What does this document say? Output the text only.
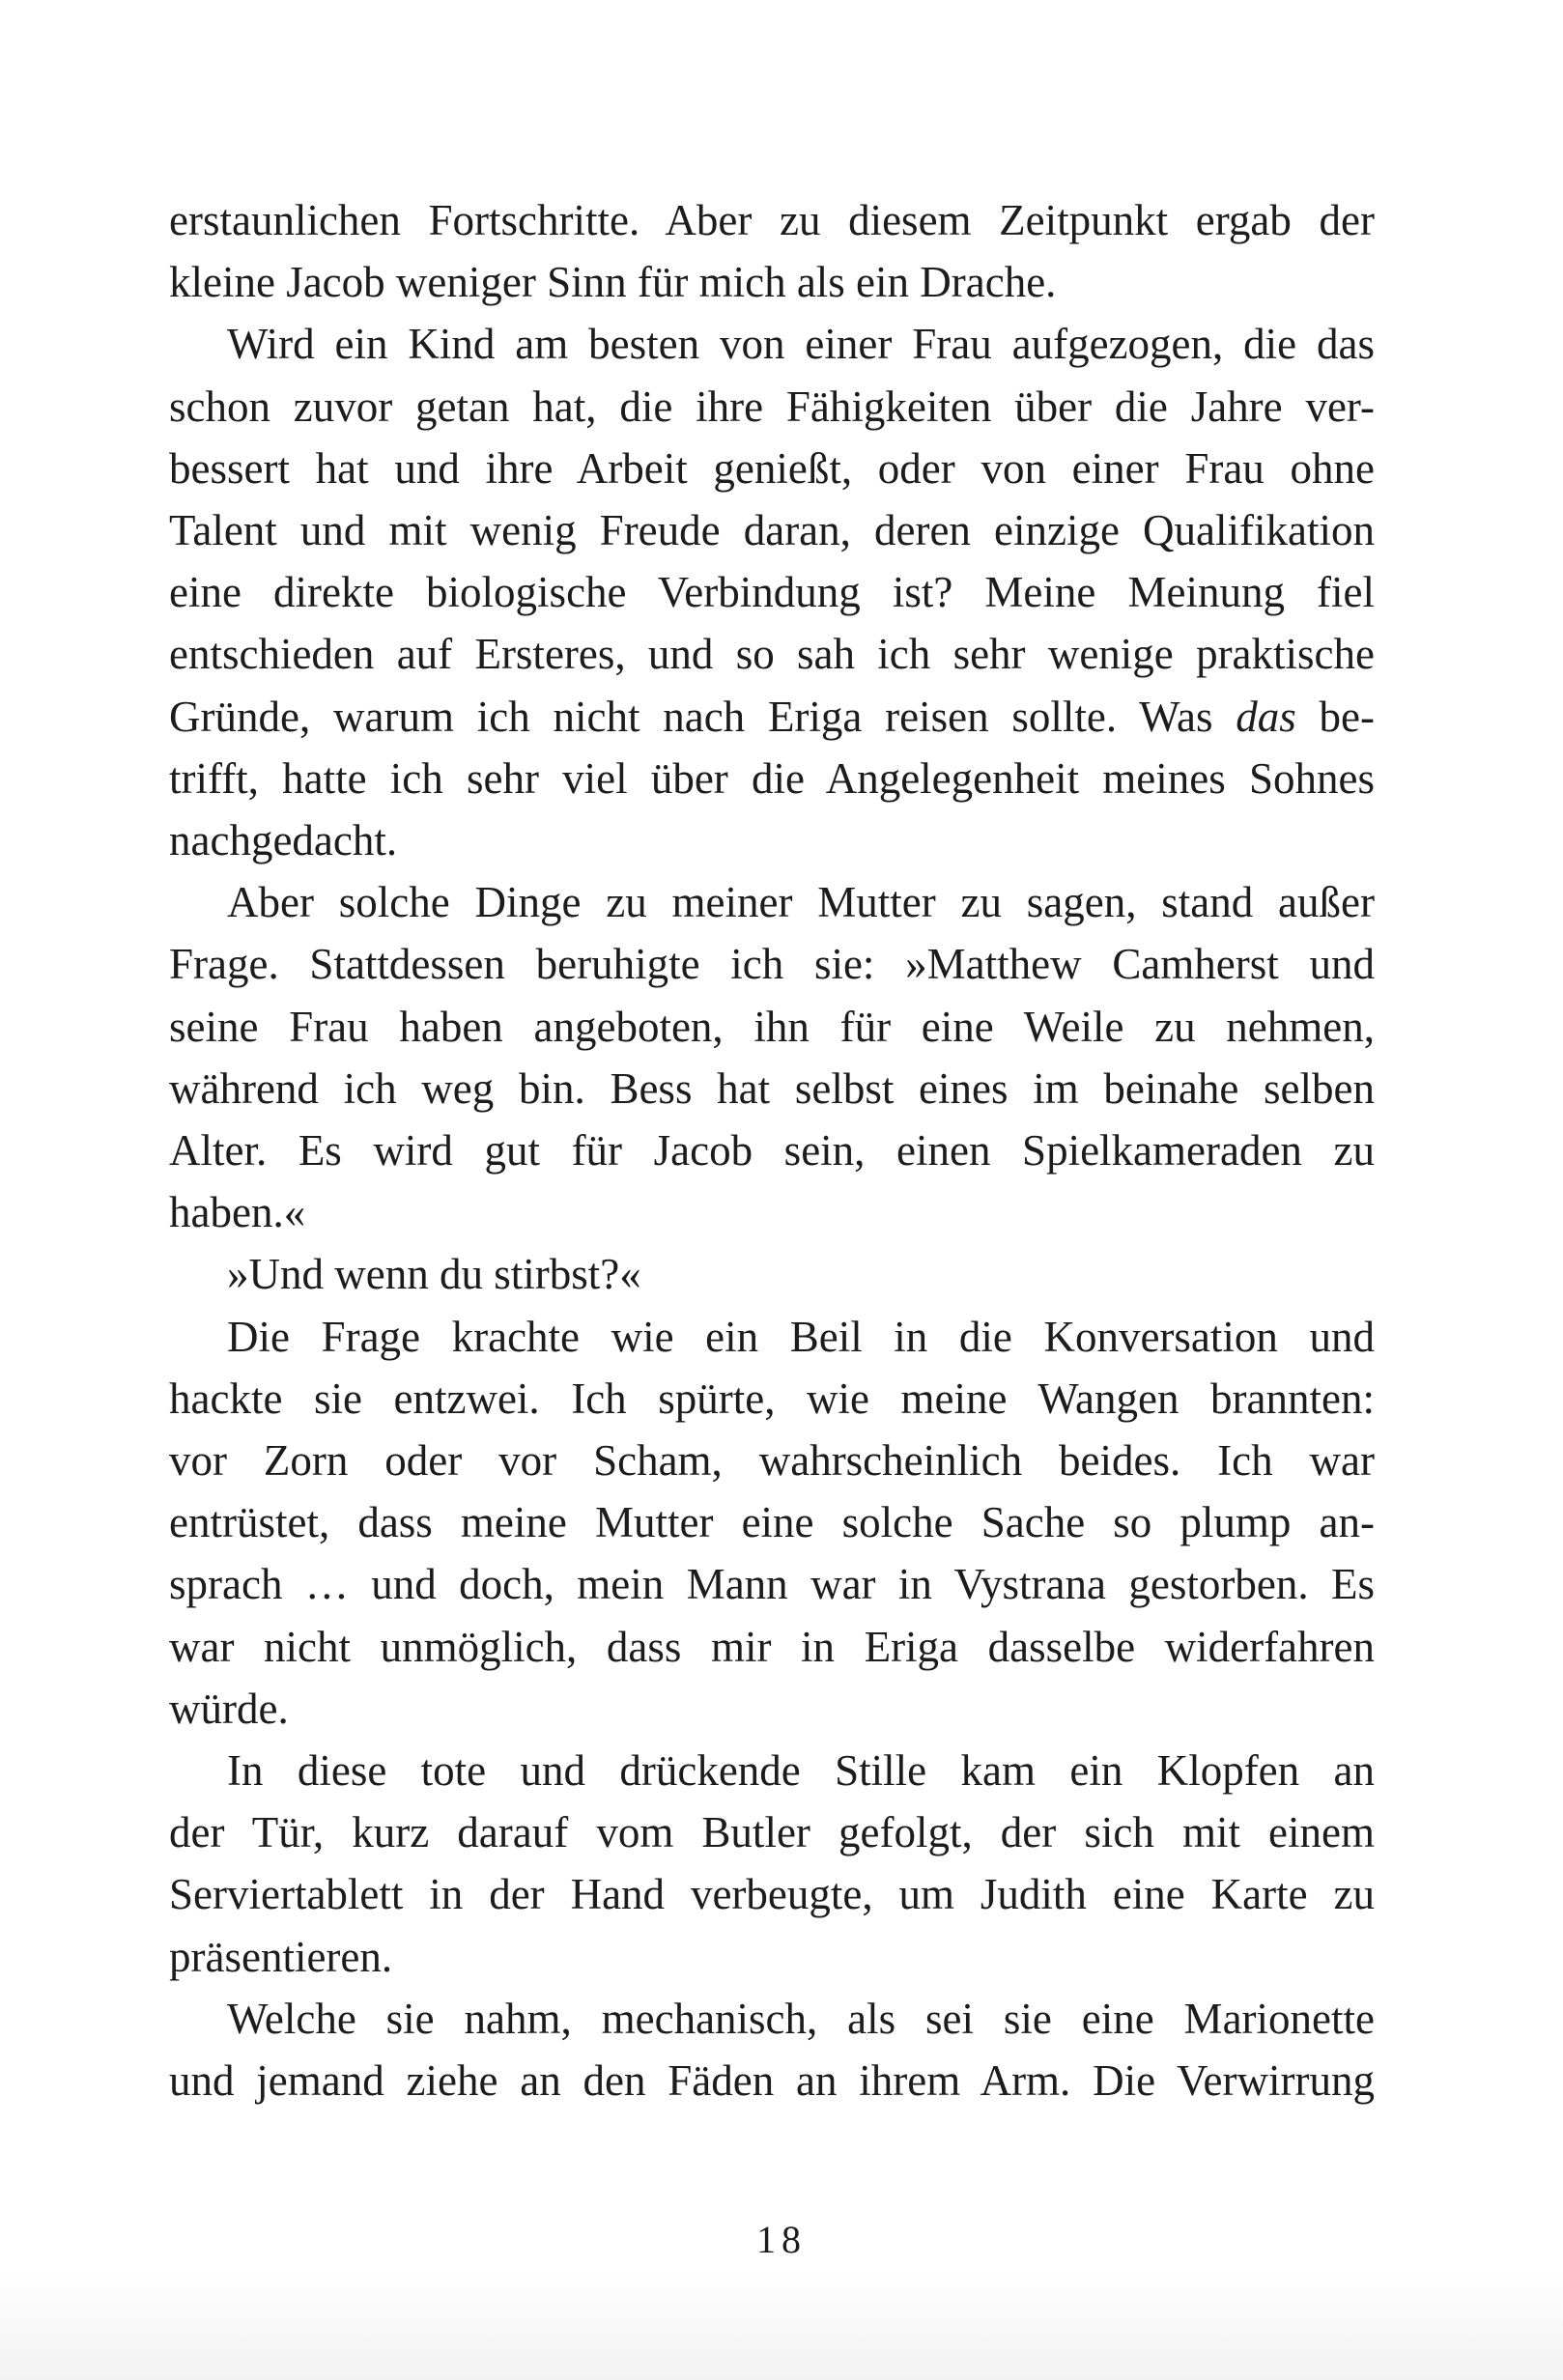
erstaunlichen Fortschritte. Aber zu diesem Zeitpunkt ergab der
kleine Jacob weniger Sinn für mich als ein Drache.

Wird ein Kind am besten von einer Frau aufgezogen, die das
schon zuvor getan hat, die ihre Fähigkeiten über die Jahre ver-
bessert hat und ihre Arbeit genießt, oder von einer Frau ohne
Talent und mit wenig Freude daran, deren einzige Qualifikation
eine direkte biologische Verbindung ist? Meine Meinung fiel
entschieden auf Ersteres, und so sah ich sehr wenige praktische
Gründe, warum ich nicht nach Eriga reisen sollte. Was das be-
trifft, hatte ich sehr viel über die Angelegenheit meines Sohnes
nachgedacht.

Aber solche Dinge zu meiner Mutter zu sagen, stand außer
Frage. Stattdessen beruhigte ich sie: »Matthew Camherst und
seine Frau haben angeboten, ihn für eine Weile zu nehmen,
während ich weg bin. Bess hat selbst eines im beinahe selben
Alter. Es wird gut für Jacob sein, einen Spielkameraden zu
haben.«

»Und wenn du stirbst?«

Die Frage krachte wie ein Beil in die Konversation und
hackte sie entzwei. Ich spürte, wie meine Wangen brannten:
vor Zorn oder vor Scham, wahrscheinlich beides. Ich war
entrüstet, dass meine Mutter eine solche Sache so plump an-
sprach … und doch, mein Mann war in Vystrana gestorben. Es
war nicht unmöglich, dass mir in Eriga dasselbe widerfahren
würde.

In diese tote und drückende Stille kam ein Klopfen an
der Tür, kurz darauf vom Butler gefolgt, der sich mit einem
Serviertablett in der Hand verbeugte, um Judith eine Karte zu
präsentieren.

Welche sie nahm, mechanisch, als sei sie eine Marionette
und jemand ziehe an den Fäden an ihrem Arm. Die Verwirrung

18
